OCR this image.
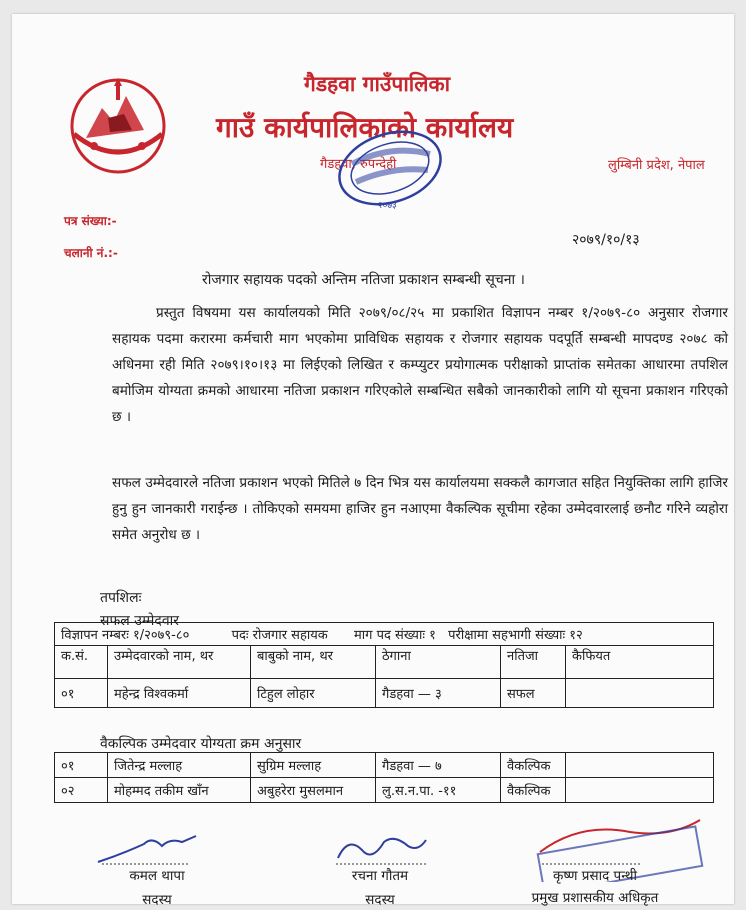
गैडहवा गाउँपालिका
गाउँ कार्यपालिकाको कार्यालय
गैडहवा, रुपन्देही	लुम्बिनी प्रदेश, नेपाल
२०७३
पत्र संख्या:-
चलानी नं.:-
२०७९/१०/१३
रोजगार सहायक पदको अन्तिम नतिजा प्रकाशन सम्बन्धी सूचना ।
प्रस्तुत विषयमा यस कार्यालयको मिति २०७९/०८/२५ मा प्रकाशित विज्ञापन नम्बर १/२०७९-८० अनुसार रोजगार सहायक पदमा करारमा कर्मचारी माग भएकोमा प्राविधिक सहायक र रोजगार सहायक पदपूर्ति सम्बन्धी मापदण्ड २०७८ को अधिनमा रही मिति २०७९।१०।१३ मा लिईएको लिखित र कम्प्युटर प्रयोगात्मक परीक्षाको प्राप्तांक समेतका आधारमा तपशिल बमोजिम योग्यता क्रमको आधारमा नतिजा प्रकाशन गरिएकोले सम्बन्धित सबैको जानकारीको लागि यो सूचना प्रकाशन गरिएको छ ।
सफल उम्मेदवारले नतिजा प्रकाशन भएको मितिले ७ दिन भित्र यस कार्यालयमा सक्कलै कागजात सहित नियुक्तिका लागि हाजिर हुनु हुन जानकारी गराईन्छ । तोकिएको समयमा हाजिर हुन नआएमा वैकल्पिक सूचीमा रहेका उम्मेदवारलाई छनौट गरिने व्यहोरा समेत अनुरोध छ ।
तपशिलः
सफल उम्मेदवार
विज्ञापन नम्बरः १/२०७९-८० पदः रोजगार सहायक माग पद संख्याः १ परीक्षामा सहभागी संख्याः १२					
क.सं.	उम्मेदवारको नाम, थर	बाबुको नाम, थर	ठेगाना	नतिजा	कैफियत
०१	महेन्द्र विश्वकर्मा	टिहुल लोहार	गैडहवा — ३	सफल	
वैकल्पिक उम्मेदवार योग्यता क्रम अनुसार
०१	जितेन्द्र मल्लाह	सुग्रिम मल्लाह	गैडहवा — ७	वैकल्पिक	
०२	मोहम्मद तकीम खाँन	अबुहरेरा मुसलमान	लु.स.न.पा. -११	वैकल्पिक	
कमल थापा
सदस्य
रचना गौतम
सदस्य
कृष्ण प्रसाद पन्थी
प्रमुख प्रशासकीय अधिकृत
